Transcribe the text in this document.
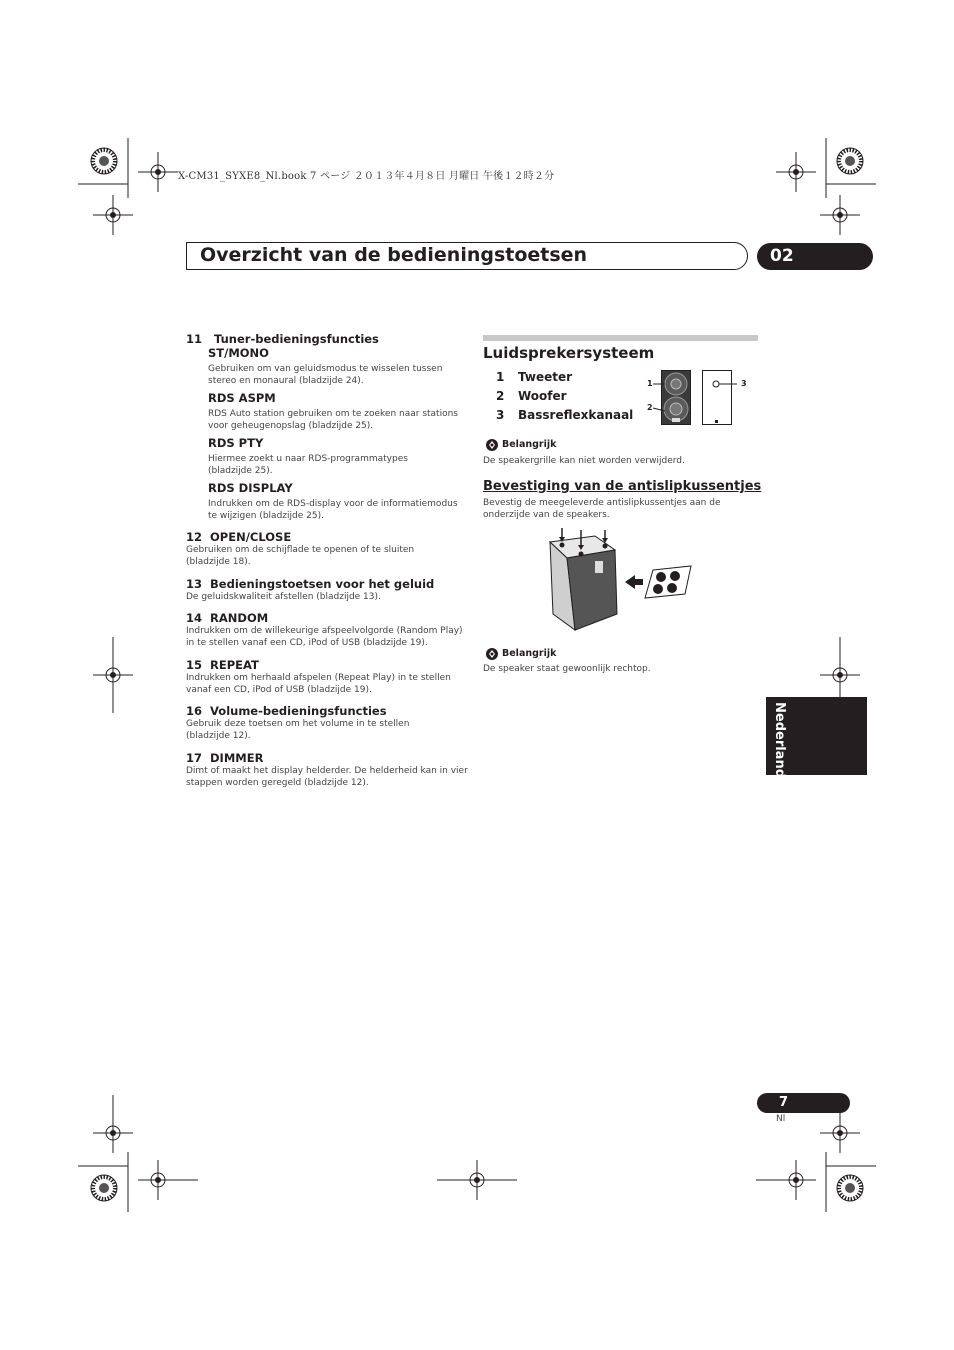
X-CM31_SYXE8_Nl.book 7 ページ ２０１３年４月８日 月曜日 午後１２時２分
Overzicht van de bedieningstoetsen	02
11 Tuner-bedieningsfuncties
ST/MONO
Gebruiken om van geluidsmodus te wisselen tussen
stereo en monaural (bladzijde 24).
RDS ASPM
RDS Auto station gebruiken om te zoeken naar stations
voor geheugenopslag (bladzijde 25).
RDS PTY
Hiermee zoekt u naar RDS-programmatypes
(bladzijde 25).
RDS DISPLAY
Indrukken om de RDS-display voor de informatiemodus
te wijzigen (bladzijde 25).
12 OPEN/CLOSE
Gebruiken om de schijflade te openen of te sluiten
(bladzijde 18).
13 Bedieningstoetsen voor het geluid
De geluidskwaliteit afstellen (bladzijde 13).
14 RANDOM
Indrukken om de willekeurige afspeelvolgorde (Random Play)
in te stellen vanaf een CD, iPod of USB (bladzijde 19).
15 REPEAT
Indrukken om herhaald afspelen (Repeat Play) in te stellen
vanaf een CD, iPod of USB (bladzijde 19).
16 Volume-bedieningsfuncties
Gebruik deze toetsen om het volume in te stellen
(bladzijde 12).
17 DIMMER
Dimt of maakt het display helderder. De helderheid kan in vier
stappen worden geregeld (bladzijde 12).
Luidsprekersysteem
1 Tweeter
2 Woofer
3 Bassreflexkanaal
1
2
3
Belangrijk
De speakergrille kan niet worden verwijderd.
Bevestiging van de antislipkussentjes
Bevestig de meegeleverde antislipkussentjes aan de
onderzijde van de speakers.
Belangrijk
De speaker staat gewoonlijk rechtop.
Nederlands
7
Nl
